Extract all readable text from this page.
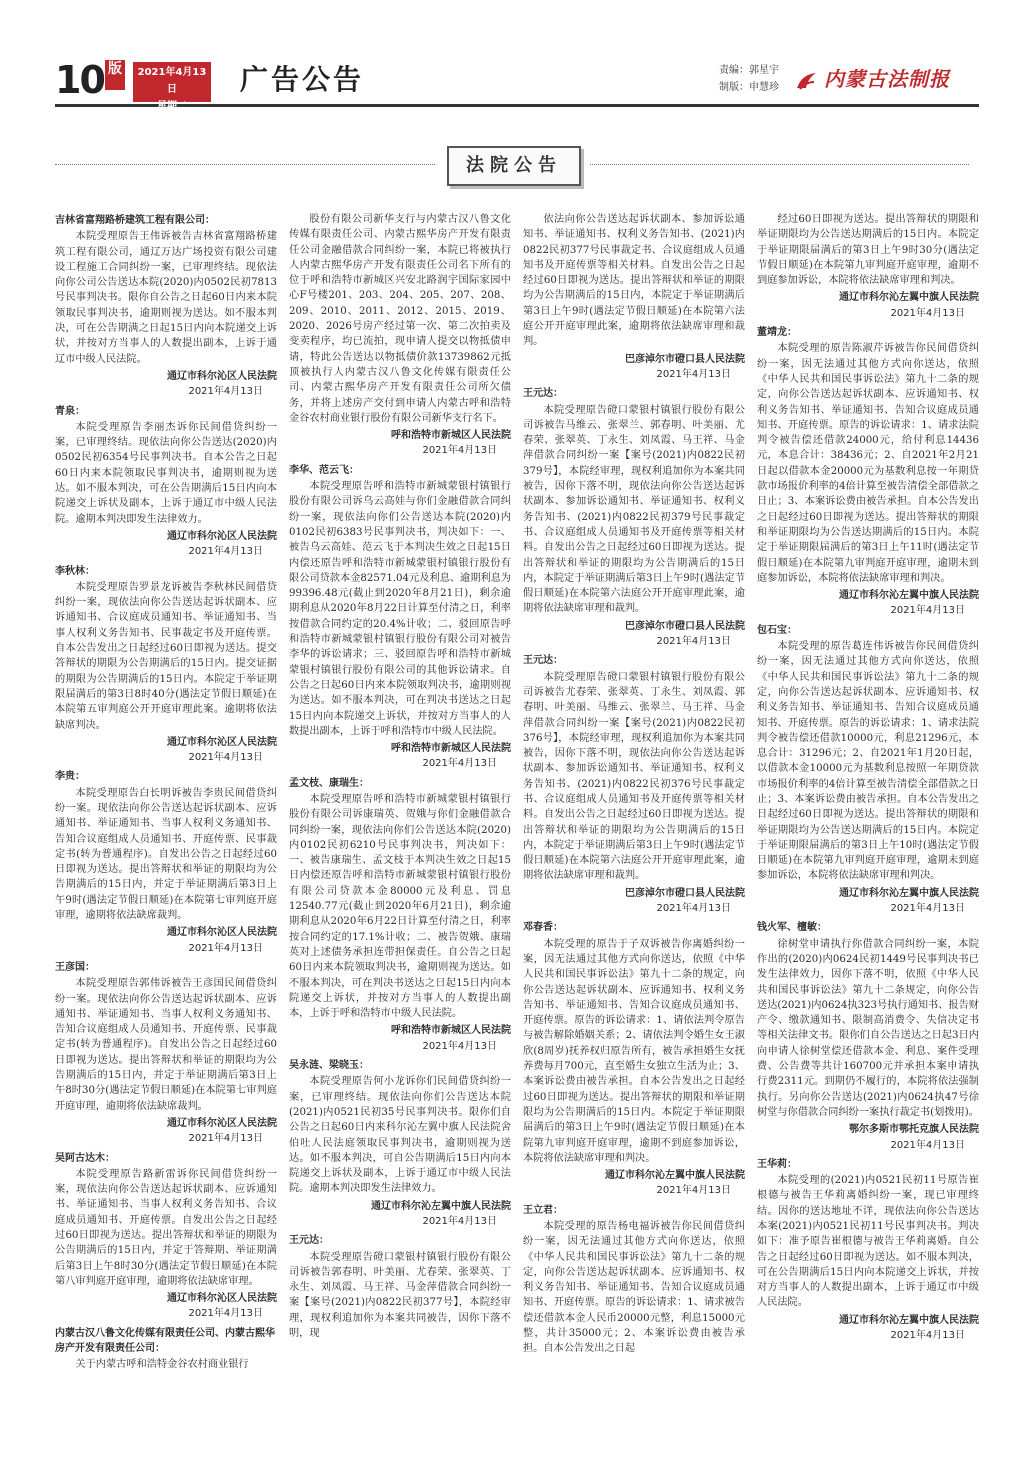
10 版	2021年4月13日
星期二
广告公告	责编：郭星宇
制版：申慧珍	内蒙古法制报
法院公告
吉林省富翔路桥建筑工程有限公司：
本院受理原告王伟诉被告吉林省富翔路桥建筑工程有限公司，通辽万达广场投资有限公司建设工程施工合同纠纷一案，已审理终结。现依法向你公司公告送达本院(2020)内0502民初7813号民事判决书。限你自公告之日起60日内来本院领取民事判决书，逾期则视为送达。如不服本判决，可在公告期满之日起15日内向本院递交上诉状，并按对方当事人的人数提出副本，上诉于通辽市中级人民法院。
通辽市科尔沁区人民法院
2021年4月13日
青泉：
本院受理原告李丽杰诉你民间借贷纠纷一案，已审理终结。现依法向你公告送达(2020)内0502民初6354号民事判决书。自本公告之日起60日内来本院领取民事判决书，逾期则视为送达。如不服本判决，可在公告期满后15日内向本院递交上诉状及副本，上诉于通辽市中级人民法院。逾期本判决即发生法律效力。
通辽市科尔沁区人民法院
2021年4月13日
李秋林：
本院受理原告罗景龙诉被告李秋林民间借贷纠纷一案，现依法向你公告送达起诉状副本、应诉通知书、合议庭成员通知书、举证通知书、当事人权利义务告知书、民事裁定书及开庭传票。自本公告发出之日起经过60日即视为送达。提交答辩状的期限为公告期满后的15日内。提交证据的期限为公告期满后的15日内。本院定于举证期限届满后的第3日8时40分(遇法定节假日顺延)在本院第五审判庭公开开庭审理此案。逾期将依法缺席判决。
通辽市科尔沁区人民法院
2021年4月13日
李贵：
本院受理原告白长明诉被告李贵民间借贷纠纷一案。现依法向你公告送达起诉状副本、应诉通知书、举证通知书、当事人权利义务通知书、告知合议庭组成人员通知书、开庭传票、民事裁定书(转为普通程序)。自发出公告之日起经过60日即视为送达。提出答辩状和举证的期限均为公告期满后的15日内，并定于举证期满后第3日上午9时(遇法定节假日顺延)在本院第七审判庭开庭审理，逾期将依法缺席裁判。
通辽市科尔沁区人民法院
2021年4月13日
王彦国：
本院受理原告郭伟诉被告王彦国民间借贷纠纷一案。现依法向你公告送达起诉状副本、应诉通知书、举证通知书、当事人权利义务通知书、告知合议庭组成人员通知书、开庭传票、民事裁定书(转为普通程序)。自发出公告之日起经过60日即视为送达。提出答辩状和举证的期限均为公告期满后的15日内，并定于举证期满后第3日上午8时30分(遇法定节假日顺延)在本院第七审判庭开庭审理，逾期将依法缺席裁判。
通辽市科尔沁区人民法院
2021年4月13日
吴阿古达木：
本院受理原告路新雷诉你民间借贷纠纷一案，现依法向你公告送达起诉状副本、应诉通知书、举证通知书、当事人权利义务告知书、合议庭成员通知书、开庭传票。自发出公告之日起经过60日即视为送达。提出答辩状和举证的期限为公告期满后的15日内，并定于答辩期、举证期满后第3日上午8时30分(遇法定节假日顺延)在本院第八审判庭开庭审理，逾期将依法缺席审理。
通辽市科尔沁区人民法院
2021年4月13日
内蒙古汉八鲁文化传媒有限责任公司、内蒙古熙华房产开发有限责任公司：
关于内蒙古呼和浩特金谷农村商业银行
股份有限公司新华支行与内蒙古汉八鲁文化传媒有限责任公司、内蒙古熙华房产开发有限责任公司金融借款合同纠纷一案，本院已将被执行人内蒙古熙华房产开发有限责任公司名下所有的位于呼和浩特市新城区兴安北路润宇国际家园中心F号楼201、203、204、205、207、208、209、2010、2011、2012、2015、2019、2020、2026号房产经过第一次、第二次拍卖及变卖程序，均已流拍，现申请人提交以物抵债申请，特此公告送达以物抵债价款13739862元抵顶被执行人内蒙古汉八鲁文化传媒有限责任公司、内蒙古熙华房产开发有限责任公司所欠债务，并将上述房产交付到申请人内蒙古呼和浩特金谷农村商业银行股份有限公司新华支行名下。
呼和浩特市新城区人民法院
2021年4月13日
李华、范云飞：
本院受理原告呼和浩特市新城蒙银村镇银行股份有限公司诉乌云高娃与你们金融借款合同纠纷一案，现依法向你们公告送达本院(2020)内0102民初6383号民事判决书，判决如下：一、被告乌云高娃、范云飞于本判决生效之日起15日内偿还原告呼和浩特市新城蒙银村镇银行股份有限公司贷款本金82571.04元及利息、逾期利息为99396.48元(截止到2020年8月21日)，剩余逾期利息从2020年8月22日计算至付清之日，利率按借款合同约定的20.4%计收；二、驳回原告呼和浩特市新城蒙银村镇银行股份有限公司对被告李华的诉讼请求；三、驳回原告呼和浩特市新城蒙银村镇银行股份有限公司的其他诉讼请求。自公告之日起60日内来本院领取判决书，逾期则视为送达。如不服本判决，可在判决书送达之日起15日内向本院递交上诉状，并按对方当事人的人数提出副本，上诉于呼和浩特市中级人民法院。
呼和浩特市新城区人民法院
2021年4月13日
孟文枝、康瑞生：
本院受理原告呼和浩特市新城蒙银村镇银行股份有限公司诉康瑞英、贺娥与你们金融借款合同纠纷一案，现依法向你们公告送达本院(2020)内0102民初6210号民事判决书，判决如下：一、被告康瑞生、孟文枝于本判决生效之日起15日内偿还原告呼和浩特市新城蒙银村镇银行股份有限公司贷款本金80000元及利息、罚息12540.77元(截止到2020年6月21日)，剩余逾期利息从2020年6月22日计算至付清之日，利率按合同约定的17.1%计收；二、被告贺娥、康瑞英对上述债务承担连带担保责任。自公告之日起60日内来本院领取判决书，逾期则视为送达。如不服本判决，可在判决书送达之日起15日内向本院递交上诉状，并按对方当事人的人数提出副本，上诉于呼和浩特市中级人民法院。
呼和浩特市新城区人民法院
2021年4月13日
吴永涟、梁晓玉：
本院受理原告何小龙诉你们民间借贷纠纷一案，已审理终结。现依法向你们公告送达本院(2021)内0521民初35号民事判决书。限你们自公告之日起60日内来科尔沁左翼中旗人民法院舍伯吐人民法庭领取民事判决书，逾期则视为送达。如不服本判决，可自公告期满后15日内向本院递交上诉状及副本，上诉于通辽市中级人民法院。逾期本判决即发生法律效力。
通辽市科尔沁左翼中旗人民法院
2021年4月13日
王元达：
本院受理原告磴口蒙银村镇银行股份有限公司诉被告郭春明、叶美丽、尤春荣、张翠英、丁永生、刘凤霞、马王祥、马金萍借款合同纠纷一案【案号(2021)内0822民初377号】，本院经审理，现权利追加你为本案共同被告，因你下落不明，现
依法向你公告送达起诉状副本、参加诉讼通知书、举证通知书、权利义务告知书、(2021)内0822民初377号民事裁定书、合议庭组成人员通知书及开庭传票等相关材料。自发出公告之日起经过60日即视为送达。提出答辩状和举证的期限均为公告期满后的15日内，本院定于举证期满后第3日上午9时(遇法定节假日顺延)在本院第六法庭公开开庭审理此案，逾期将依法缺席审理和裁判。
巴彦淖尔市磴口县人民法院
2021年4月13日
王元达：
本院受理原告磴口蒙银村镇银行股份有限公司诉被告马维云、张翠兰、郭春明、叶美丽、尤春荣、张翠英、丁永生、刘凤霞、马王祥、马金萍借款合同纠纷一案【案号(2021)内0822民初379号】，本院经审理，现权利追加你为本案共同被告，因你下落不明，现依法向你公告送达起诉状副本、参加诉讼通知书、举证通知书、权利义务告知书、(2021)内0822民初379号民事裁定书、合议庭组成人员通知书及开庭传票等相关材料。自发出公告之日起经过60日即视为送达。提出答辩状和举证的期限均为公告期满后的15日内，本院定于举证期满后第3日上午9时(遇法定节假日顺延)在本院第六法庭公开开庭审理此案，逾期将依法缺席审理和裁判。
巴彦淖尔市磴口县人民法院
2021年4月13日
王元达：
本院受理原告磴口蒙银村镇银行股份有限公司诉被告尤春荣、张翠英、丁永生、刘凤霞、郭春明、叶美丽、马维云、张翠兰、马王祥、马金萍借款合同纠纷一案【案号(2021)内0822民初376号】，本院经审理，现权利追加你为本案共同被告，因你下落不明，现依法向你公告送达起诉状副本、参加诉讼通知书、举证通知书、权利义务告知书、(2021)内0822民初376号民事裁定书、合议庭组成人员通知书及开庭传票等相关材料。自发出公告之日起经过60日即视为送达。提出答辩状和举证的期限均为公告期满后的15日内，本院定于举证期满后第3日上午9时(遇法定节假日顺延)在本院第六法庭公开开庭审理此案，逾期将依法缺席审理和裁判。
巴彦淖尔市磴口县人民法院
2021年4月13日
邓春香：
本院受理的原告于子双诉被告你离婚纠纷一案，因无法通过其他方式向你送达，依照《中华人民共和国民事诉讼法》第九十二条的规定，向你公告送达起诉状副本、应诉通知书、权利义务告知书、举证通知书、告知合议庭成员通知书、开庭传票。原告的诉讼请求：1、请依法判令原告与被告解除婚姻关系；2、请依法判令婚生女王淑欣(8周岁)抚养权归原告所有，被告承担婚生女抚养费每月700元，直至婚生女独立生活为止；3、本案诉讼费由被告承担。自本公告发出之日起经过60日即视为送达。提出答辩状的期限和举证期限均为公告期满后的15日内。本院定于举证期限届满后的第3日上午9时(遇法定节假日顺延)在本院第九审判庭开庭审理，逾期不到庭参加诉讼，本院将依法缺席审理和判决。
通辽市科尔沁左翼中旗人民法院
2021年4月13日
王立君：
本院受理的原告杨电福诉被告你民间借贷纠纷一案，因无法通过其他方式向你送达，依照《中华人民共和国民事诉讼法》第九十二条的规定，向你公告送达起诉状副本、应诉通知书、权利义务告知书、举证通知书、告知合议庭成员通知书、开庭传票。原告的诉讼请求：1、请求被告偿还借款本金人民币20000元整，利息15000元整，共计35000元；2、本案诉讼费由被告承担。自本公告发出之日起
经过60日即视为送达。提出答辩状的期限和举证期限均为公告送达期满后的15日内。本院定于举证期限届满后的第3日上午9时30分(遇法定节假日顺延)在本院第九审判庭开庭审理，逾期不到庭参加诉讼，本院将依法缺席审理和判决。
通辽市科尔沁左翼中旗人民法院
2021年4月13日
董靖龙：
本院受理的原告陈淑芹诉被告你民间借贷纠纷一案，因无法通过其他方式向你送达，依照《中华人民共和国民事诉讼法》第九十二条的规定，向你公告送达起诉状副本、应诉通知书、权利义务告知书、举证通知书、告知合议庭成员通知书、开庭传票。原告的诉讼请求：1、请求法院判令被告偿还借款24000元，给付利息14436元，本息合计：38436元；2、自2021年2月21日起以借款本金20000元为基数利息按一年期贷款市场报价利率的4倍计算至被告清偿全部借款之日止；3、本案诉讼费由被告承担。自本公告发出之日起经过60日即视为送达。提出答辩状的期限和举证期限均为公告送达期满后的15日内。本院定于举证期限届满后的第3日上午11时(遇法定节假日顺延)在本院第九审判庭开庭审理，逾期未到庭参加诉讼，本院将依法缺席审理和判决。
通辽市科尔沁左翼中旗人民法院
2021年4月13日
包石宝：
本院受理的原告葛连伟诉被告你民间借贷纠纷一案，因无法通过其他方式向你送达，依照《中华人民共和国民事诉讼法》第九十二条的规定，向你公告送达起诉状副本、应诉通知书、权利义务告知书、举证通知书、告知合议庭成员通知书、开庭传票。原告的诉讼请求：1、请求法院判令被告偿还借款10000元，利息21296元，本息合计：31296元；2、自2021年1月20日起，以借款本金10000元为基数利息按照一年期贷款市场报价利率的4倍计算至被告清偿全部借款之日止；3、本案诉讼费由被告承担。自本公告发出之日起经过60日即视为送达。提出答辩状的期限和举证期限均为公告送达期满后的15日内。本院定于举证期限届满后的第3日上午10时(遇法定节假日顺延)在本院第九审判庭开庭审理，逾期未到庭参加诉讼，本院将依法缺席审理和判决。
通辽市科尔沁左翼中旗人民法院
2021年4月13日
钱火军、檀敏：
徐树堂申请执行你借款合同纠纷一案，本院作出的(2020)内0624民初1449号民事判决书已发生法律效力，因你下落不明，依照《中华人民共和国民事诉讼法》第九十二条规定，向你公告送达(2021)内0624执323号执行通知书、报告财产令、缴款通知书、限制高消费令、失信决定书等相关法律文书。限你们自公告送达之日起3日内向申请人徐树堂偿还借款本金、利息、案件受理费、公告费等共计160700元并承担本案申请执行费2311元。到期仍不履行的，本院将依法强制执行。另向你公告送达(2021)内0624执47号徐树堂与你借款合同纠纷一案执行裁定书(划拨用)。
鄂尔多斯市鄂托克旗人民法院
2021年4月13日
王华莉：
本院受理的(2021)内0521民初11号原告崔根德与被告王华莉离婚纠纷一案，现已审理终结。因你的送达地址不详，现依法向你公告送达本案(2021)内0521民初11号民事判决书。判决如下：准予原告崔根德与被告王华莉离婚。自公告之日起经过60日即视为送达。如不服本判决，可在公告期满后15日内向本院递交上诉状，并按对方当事人的人数提出副本，上诉于通辽市中级人民法院。
通辽市科尔沁左翼中旗人民法院
2021年4月13日
